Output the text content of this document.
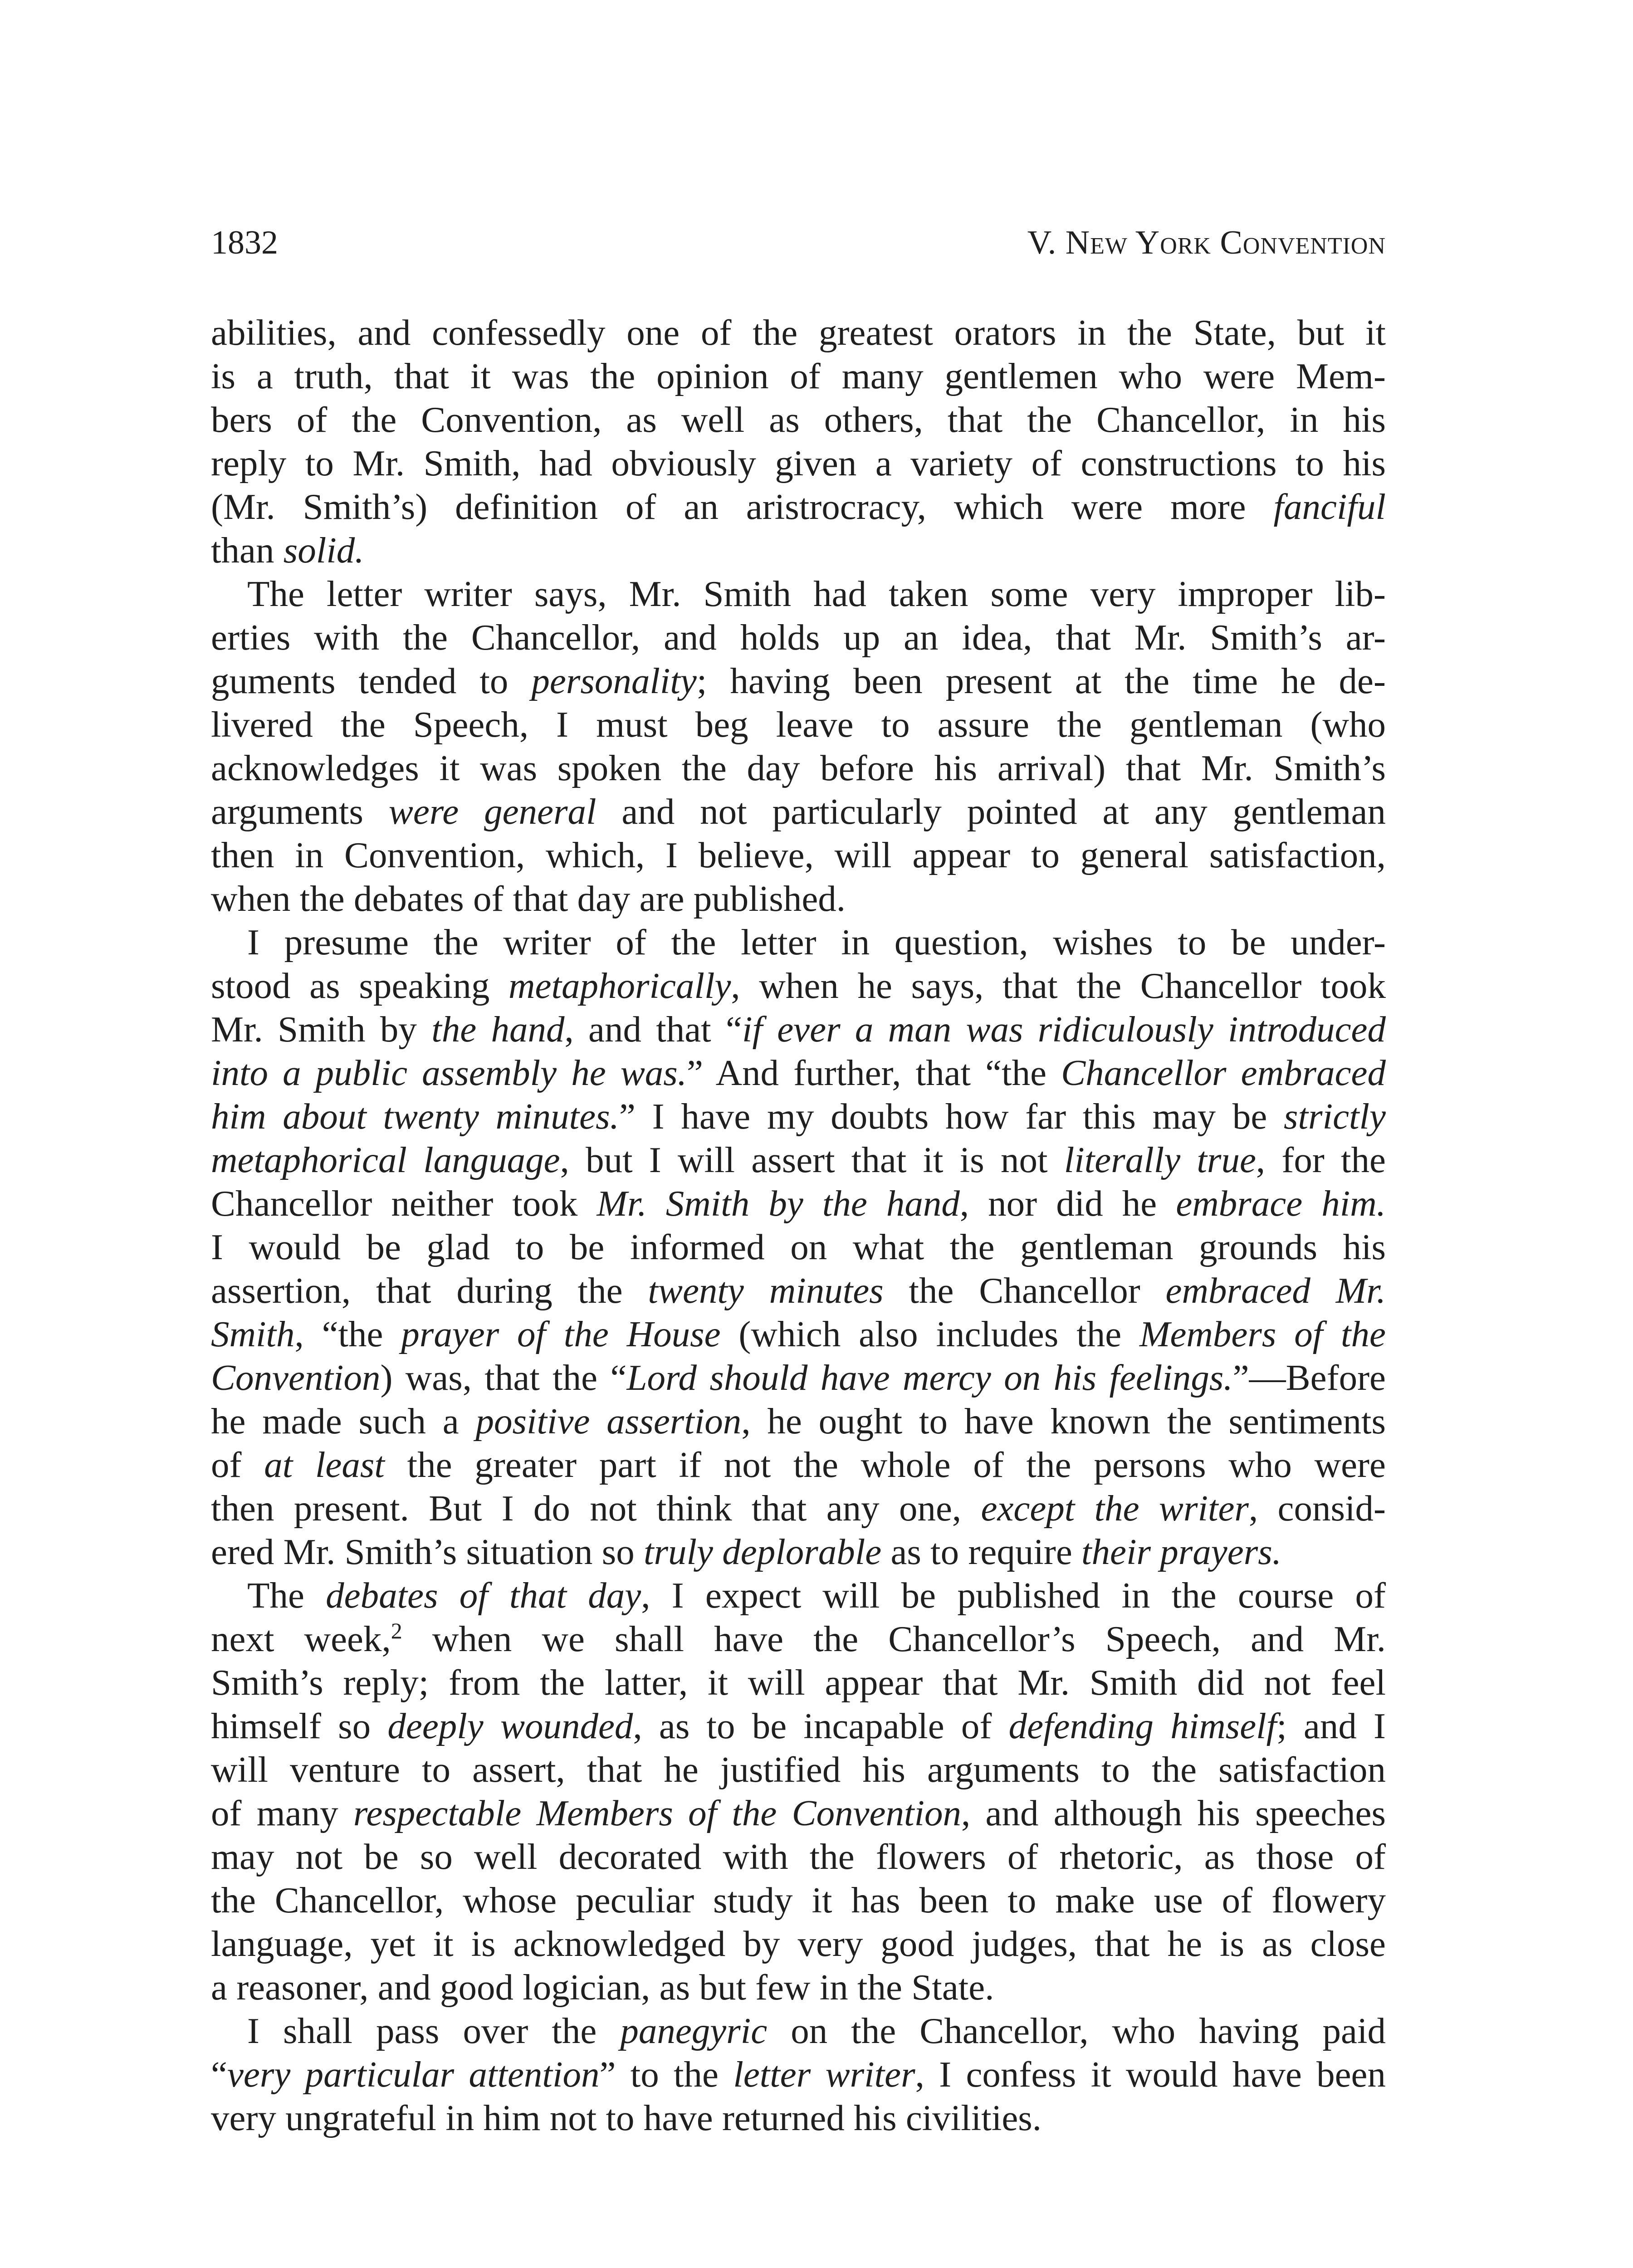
1832	V. New York Convention
abilities, and confessedly one of the greatest orators in the State, but it
is a truth, that it was the opinion of many gentlemen who were Mem-
bers of the Convention, as well as others, that the Chancellor, in his
reply to Mr. Smith, had obviously given a variety of constructions to his
(Mr. Smith’s) definition of an aristrocracy, which were more fanciful
than solid.
The letter writer says, Mr. Smith had taken some very improper lib-
erties with the Chancellor, and holds up an idea, that Mr. Smith’s ar-
guments tended to personality; having been present at the time he de-
livered the Speech, I must beg leave to assure the gentleman (who
acknowledges it was spoken the day before his arrival) that Mr. Smith’s
arguments were general and not particularly pointed at any gentleman
then in Convention, which, I believe, will appear to general satisfaction,
when the debates of that day are published.
I presume the writer of the letter in question, wishes to be under-
stood as speaking metaphorically, when he says, that the Chancellor took
Mr. Smith by the hand, and that “if ever a man was ridiculously introduced
into a public assembly he was.” And further, that “the Chancellor embraced
him about twenty minutes.” I have my doubts how far this may be strictly
metaphorical language, but I will assert that it is not literally true, for the
Chancellor neither took Mr. Smith by the hand, nor did he embrace him.
I would be glad to be informed on what the gentleman grounds his
assertion, that during the twenty minutes the Chancellor embraced Mr.
Smith, “the prayer of the House (which also includes the Members of the
Convention) was, that the “Lord should have mercy on his feelings.”—Before
he made such a positive assertion, he ought to have known the sentiments
of at least the greater part if not the whole of the persons who were
then present. But I do not think that any one, except the writer, consid-
ered Mr. Smith’s situation so truly deplorable as to require their prayers.
The debates of that day, I expect will be published in the course of
next week,$^2$ when we shall have the Chancellor’s Speech, and Mr.
Smith’s reply; from the latter, it will appear that Mr. Smith did not feel
himself so deeply wounded, as to be incapable of defending himself; and I
will venture to assert, that he justified his arguments to the satisfaction
of many respectable Members of the Convention, and although his speeches
may not be so well decorated with the flowers of rhetoric, as those of
the Chancellor, whose peculiar study it has been to make use of flowery
language, yet it is acknowledged by very good judges, that he is as close
a reasoner, and good logician, as but few in the State.
I shall pass over the panegyric on the Chancellor, who having paid
“very particular attention” to the letter writer, I confess it would have been
very ungrateful in him not to have returned his civilities.
